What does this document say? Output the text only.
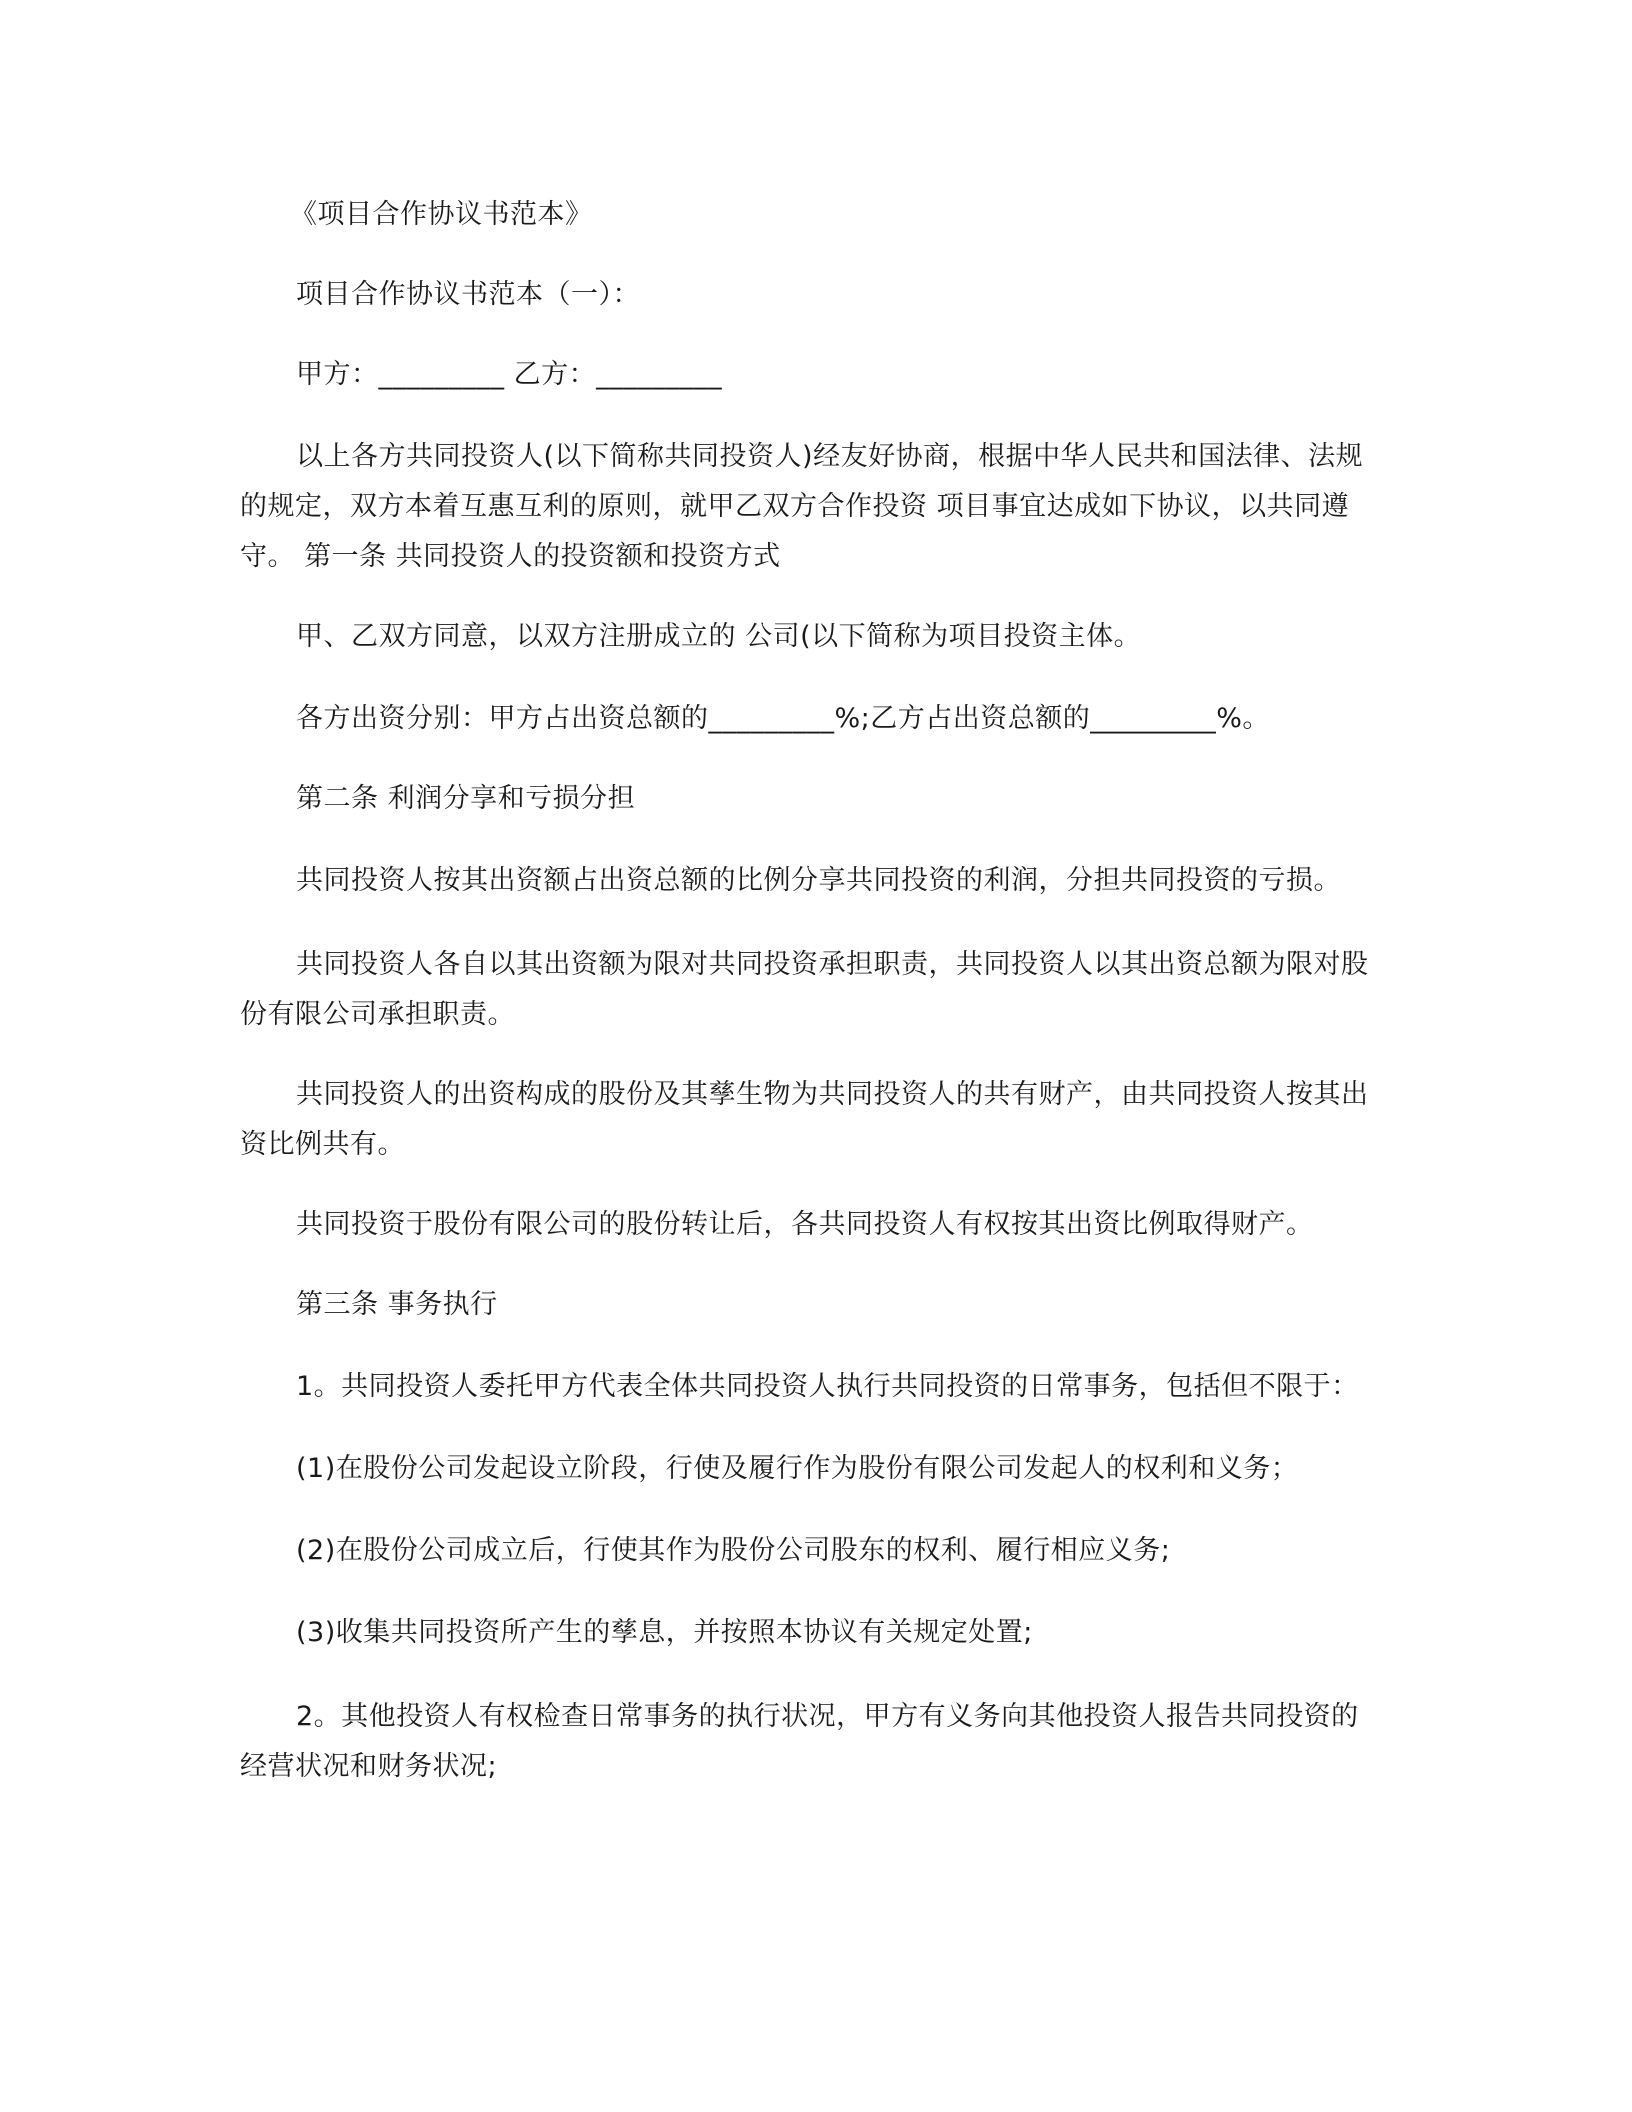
《项目合作协议书范本》

项目合作协议书范本（一）：

甲方：_________ 乙方：_________

以上各方共同投资人(以下简称共同投资人)经友好协商，根据中华人民共和国法律、法规
的规定，双方本着互惠互利的原则，就甲乙双方合作投资 项目事宜达成如下协议，以共同遵
守。 第一条 共同投资人的投资额和投资方式

甲、乙双方同意，以双方注册成立的 公司(以下简称为项目投资主体。

各方出资分别：甲方占出资总额的_________%;乙方占出资总额的_________%。

第二条 利润分享和亏损分担

共同投资人按其出资额占出资总额的比例分享共同投资的利润，分担共同投资的亏损。

共同投资人各自以其出资额为限对共同投资承担职责，共同投资人以其出资总额为限对股
份有限公司承担职责。
共同投资人的出资构成的股份及其孳生物为共同投资人的共有财产，由共同投资人按其出
资比例共有。

共同投资于股份有限公司的股份转让后，各共同投资人有权按其出资比例取得财产。

第三条 事务执行

1。共同投资人委托甲方代表全体共同投资人执行共同投资的日常事务，包括但不限于：

(1)在股份公司发起设立阶段，行使及履行作为股份有限公司发起人的权利和义务；

(2)在股份公司成立后，行使其作为股份公司股东的权利、履行相应义务;

(3)收集共同投资所产生的孳息，并按照本协议有关规定处置;

2。其他投资人有权检查日常事务的执行状况，甲方有义务向其他投资人报告共同投资的
经营状况和财务状况;
